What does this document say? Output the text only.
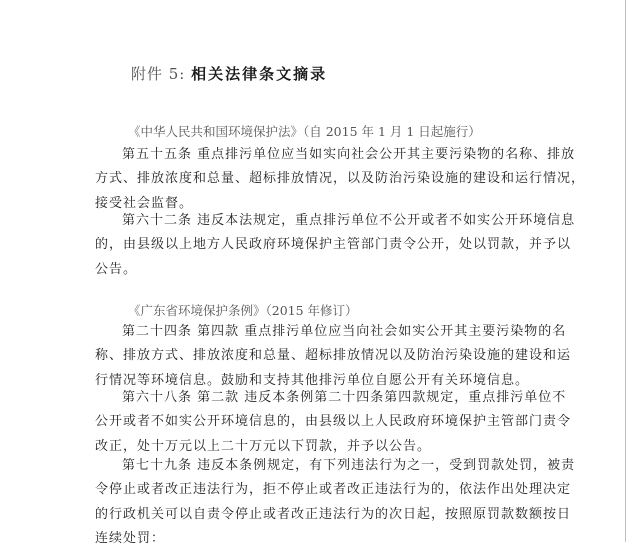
附件 5: 相关法律条文摘录
《中华人民共和国环境保护法》（自 2015 年 1 月 1 日起施行）
第五十五条 重点排污单位应当如实向社会公开其主要污染物的名称、排放
方式、排放浓度和总量、超标排放情况，以及防治污染设施的建设和运行情况，
接受社会监督。
第六十二条 违反本法规定，重点排污单位不公开或者不如实公开环境信息
的，由县级以上地方人民政府环境保护主管部门责令公开，处以罚款，并予以
公告。
《广东省环境保护条例》（2015 年修订）
第二十四条 第四款 重点排污单位应当向社会如实公开其主要污染物的名
称、排放方式、排放浓度和总量、超标排放情况以及防治污染设施的建设和运
行情况等环境信息。鼓励和支持其他排污单位自愿公开有关环境信息。
第六十八条 第二款 违反本条例第二十四条第四款规定，重点排污单位不
公开或者不如实公开环境信息的，由县级以上人民政府环境保护主管部门责令
改正，处十万元以上二十万元以下罚款，并予以公告。
第七十九条 违反本条例规定，有下列违法行为之一，受到罚款处罚，被责
令停止或者改正违法行为，拒不停止或者改正违法行为的，依法作出处理决定
的行政机关可以自责令停止或者改正违法行为的次日起，按照原罚款数额按日
连续处罚：
